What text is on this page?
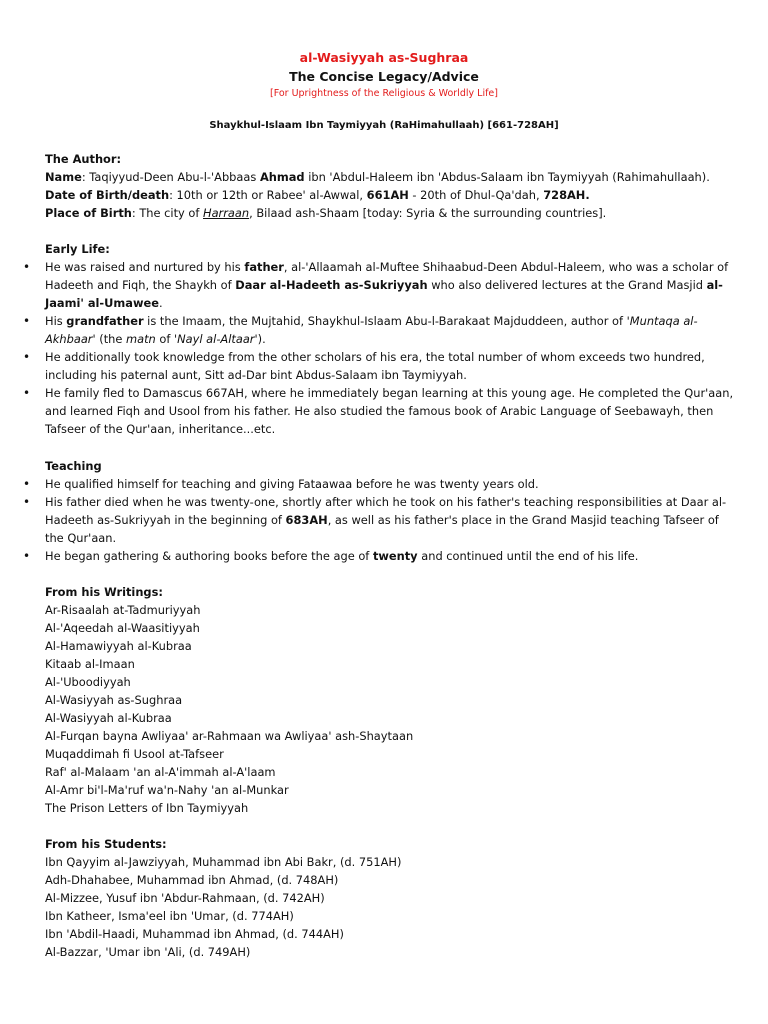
al-Wasiyyah as-Sughraa
The Concise Legacy/Advice
[For Uprightness of the Religious & Worldly Life]
Shaykhul-Islaam Ibn Taymiyyah (RaHimahullaah) [661-728AH]
The Author:
Name: Taqiyyud-Deen Abu-l-'Abbaas Ahmad ibn 'Abdul-Haleem ibn 'Abdus-Salaam ibn Taymiyyah (Rahimahullaah).
Date of Birth/death: 10th or 12th or Rabee' al-Awwal, 661AH - 20th of Dhul-Qa'dah, 728AH.
Place of Birth: The city of Harraan, Bilaad ash-Shaam [today: Syria & the surrounding countries].
Early Life:
• He was raised and nurtured by his father, al-'Allaamah al-Muftee Shihaabud-Deen Abdul-Haleem, who was a scholar of Hadeeth and Fiqh, the Shaykh of Daar al-Hadeeth as-Sukriyyah who also delivered lectures at the Grand Masjid al-Jaami' al-Umawee.
• His grandfather is the Imaam, the Mujtahid, Shaykhul-Islaam Abu-l-Barakaat Majduddeen, author of 'Muntaqa al-Akhbaar' (the matn of 'Nayl al-Altaar').
• He additionally took knowledge from the other scholars of his era, the total number of whom exceeds two hundred, including his paternal aunt, Sitt ad-Dar bint Abdus-Salaam ibn Taymiyyah.
• He family fled to Damascus 667AH, where he immediately began learning at this young age. He completed the Qur'aan, and learned Fiqh and Usool from his father. He also studied the famous book of Arabic Language of Seebawayh, then Tafseer of the Qur'aan, inheritance...etc.
Teaching
• He qualified himself for teaching and giving Fataawaa before he was twenty years old.
• His father died when he was twenty-one, shortly after which he took on his father's teaching responsibilities at Daar al-Hadeeth as-Sukriyyah in the beginning of 683AH, as well as his father's place in the Grand Masjid teaching Tafseer of the Qur'aan.
• He began gathering & authoring books before the age of twenty and continued until the end of his life.
From his Writings:
Ar-Risaalah at-Tadmuriyyah
Al-'Aqeedah al-Waasitiyyah
Al-Hamawiyyah al-Kubraa
Kitaab al-Imaan
Al-'Uboodiyyah
Al-Wasiyyah as-Sughraa
Al-Wasiyyah al-Kubraa
Al-Furqan bayna Awliyaa' ar-Rahmaan wa Awliyaa' ash-Shaytaan
Muqaddimah fi Usool at-Tafseer
Raf' al-Malaam 'an al-A'immah al-A'laam
Al-Amr bi'l-Ma'ruf wa'n-Nahy 'an al-Munkar
The Prison Letters of Ibn Taymiyyah
From his Students:
Ibn Qayyim al-Jawziyyah, Muhammad ibn Abi Bakr, (d. 751AH)
Adh-Dhahabee, Muhammad ibn Ahmad, (d. 748AH)
Al-Mizzee, Yusuf ibn 'Abdur-Rahmaan, (d. 742AH)
Ibn Katheer, Isma'eel ibn 'Umar, (d. 774AH)
Ibn 'Abdil-Haadi, Muhammad ibn Ahmad, (d. 744AH)
Al-Bazzar, 'Umar ibn 'Ali, (d. 749AH)
